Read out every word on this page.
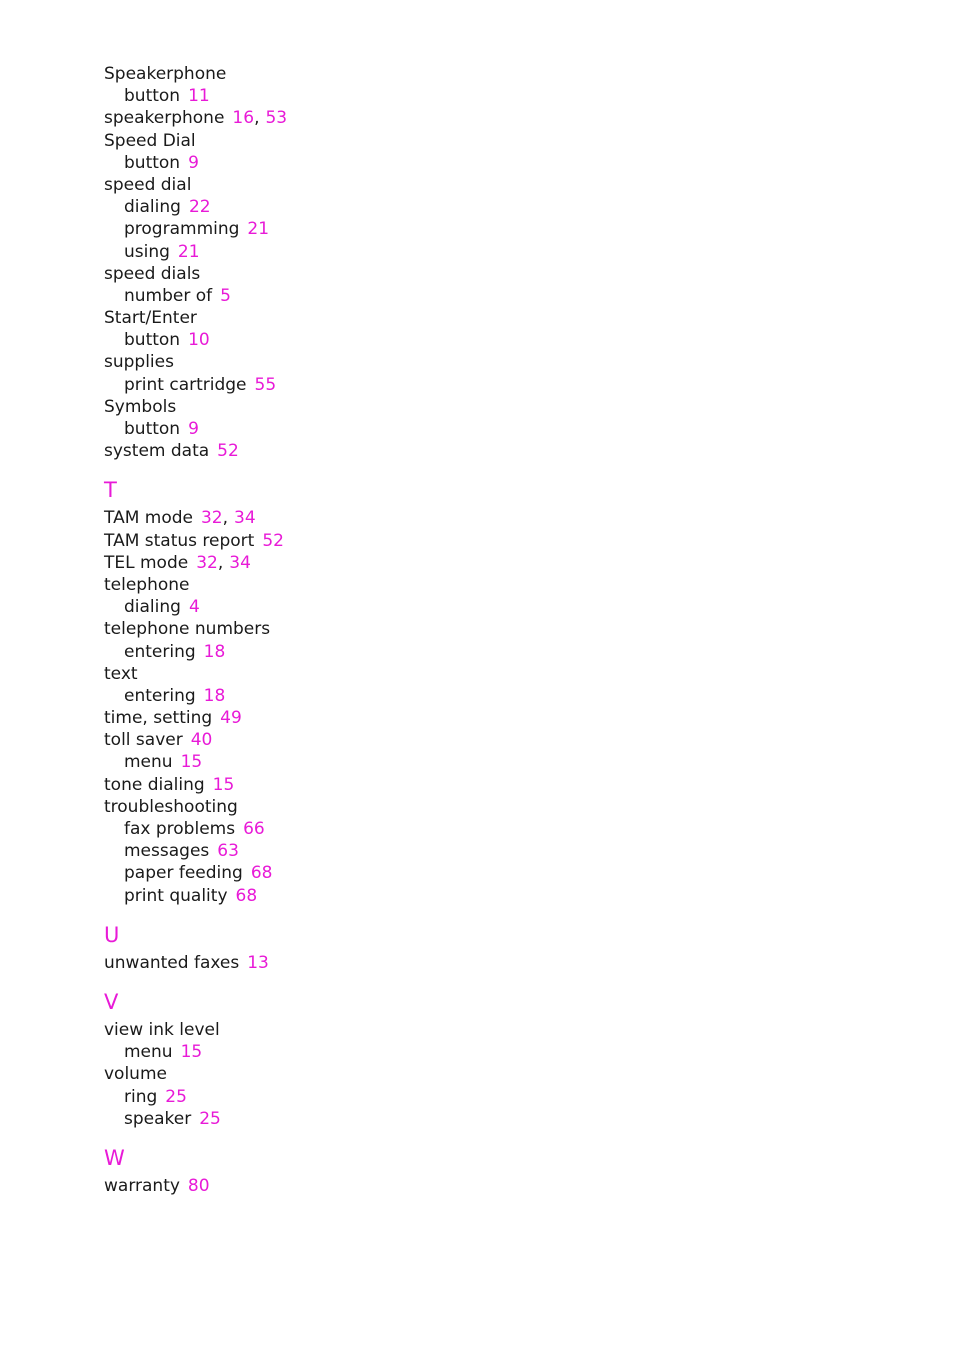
Speakerphone
button 11
speakerphone 16, 53
Speed Dial
button 9
speed dial
dialing 22
programming 21
using 21
speed dials
number of 5
Start/Enter
button 10
supplies
print cartridge 55
Symbols
button 9
system data 52
T
TAM mode 32, 34
TAM status report 52
TEL mode 32, 34
telephone
dialing 4
telephone numbers
entering 18
text
entering 18
time, setting 49
toll saver 40
menu 15
tone dialing 15
troubleshooting
fax problems 66
messages 63
paper feeding 68
print quality 68
U
unwanted faxes 13
V
view ink level
menu 15
volume
ring 25
speaker 25
W
warranty 80
